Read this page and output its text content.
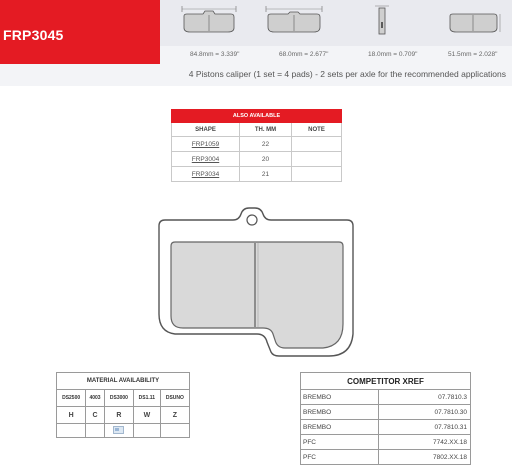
FRP3045
84.8mm = 3.339"	68.0mm = 2.677"	18.0mm = 0.709"	51.5mm = 2.028"
4 Pistons caliper (1 set = 4 pads) - 2 sets per axle for the recommended applications
ALSO AVAILABLE		
SHAPE	TH. MM	NOTE
FRP1059	22	
FRP3004	20	
FRP3034	21	
MATERIAL AVAILABILITY				
DS2500	4003	DS3000	DS1.11	DSUNO
H	C	R	W	Z

COMPETITOR XREF	
BREMBO	07.7810.3
BREMBO	07.7810.30
BREMBO	07.7810.31
PFC	7742.XX.18
PFC	7802.XX.18
